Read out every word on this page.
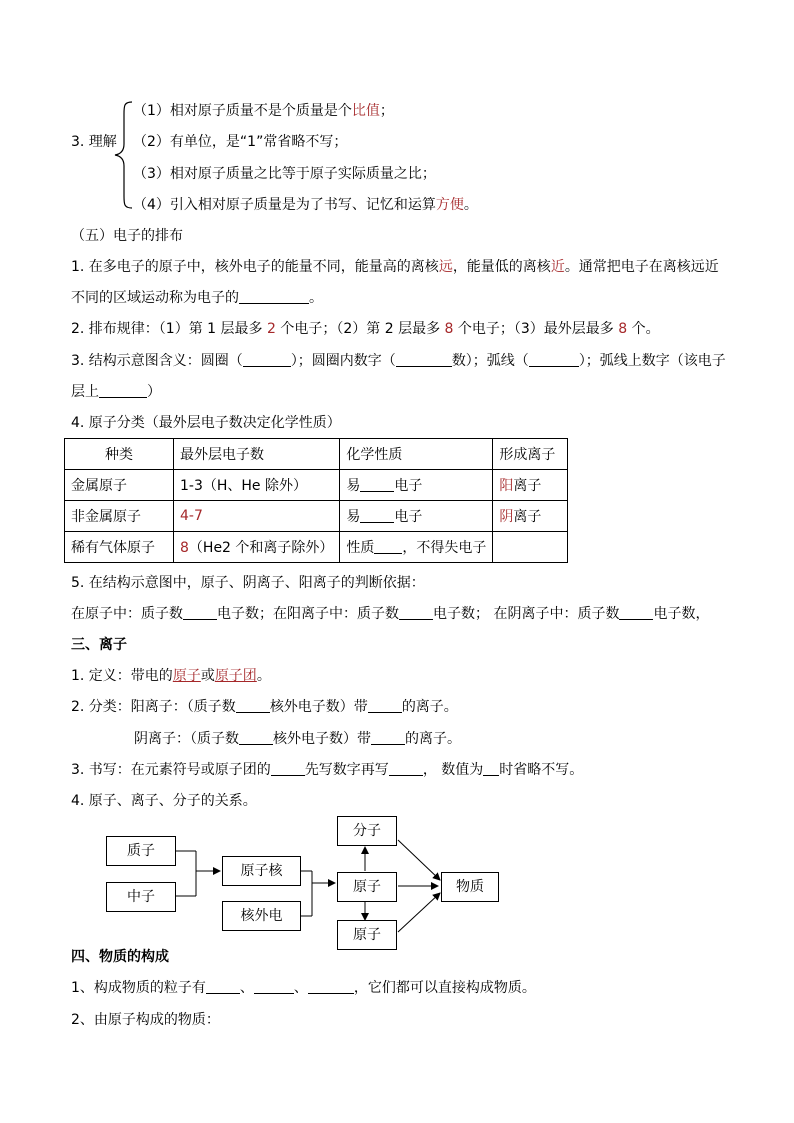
3. 理解
（1）相对原子质量不是个质量是个比值；
（2）有单位，是“1”常省略不写；
（3）相对原子质量之比等于原子实际质量之比；
（4）引入相对原子质量是为了书写、记忆和运算方便。
（五）电子的排布
1. 在多电子的原子中，核外电子的能量不同，能量高的离核远，能量低的离核近。通常把电子在离核远近
不同的区域运动称为电子的	。
2. 排布规律：（1）第 1 层最多 2 个电子；（2）第 2 层最多 8 个电子；（3）最外层最多 8 个。
3. 结构示意图含义：圆圈（	）；圆圈内数字（	数）；弧线（	）；弧线上数字（该电子
层上	）
4. 原子分类（最外层电子数决定化学性质）
种类	最外层电子数	化学性质	形成离子
金属原子	1-3（H、He 除外）	易 电子	阳离子
非金属原子	4-7	易 电子	阴离子
稀有气体原子	8（He2 个和离子除外）	性质 ，不得失电子	
5. 在结构示意图中，原子、阴离子、阳离子的判断依据：
在原子中：质子数 电子数；在阳离子中：质子数 电子数； 在阴离子中：质子数 电子数，
三、离子
1. 定义：带电的原子或原子团。
2. 分类：阳离子：（质子数 核外电子数）带 的离子。
阴离子：（质子数 核外电子数）带 的离子。
3. 书写：在元素符号或原子团的 先写数字再写 ， 数值为 时省略不写。
4. 原子、离子、分子的关系。
质子
中子
原子核
核外电
分子
原子
原子
物质
四、物质的构成
1、构成物质的粒子有 、	、	，它们都可以直接构成物质。
2、由原子构成的物质：
